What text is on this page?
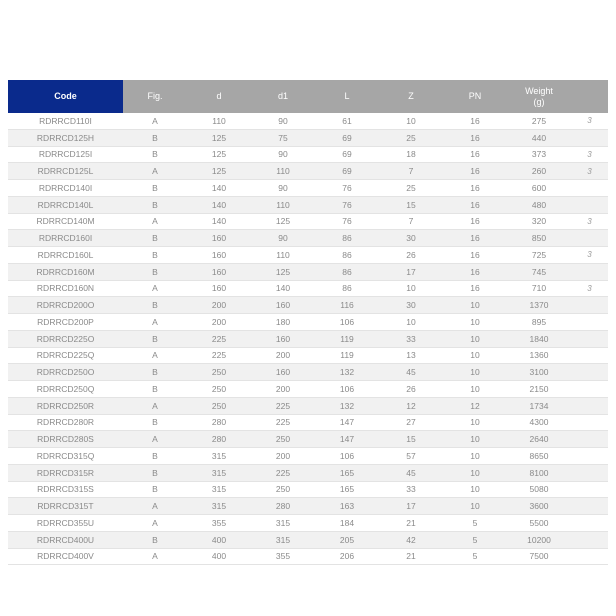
Code	Fig.	d	d1	L	Z	PN	Weight
(g)	
RDRRCD110I	A	110	90	61	10	16	275	3
RDRRCD125H	B	125	75	69	25	16	440	
RDRRCD125I	B	125	90	69	18	16	373	3
RDRRCD125L	A	125	110	69	7	16	260	3
RDRRCD140I	B	140	90	76	25	16	600	
RDRRCD140L	B	140	110	76	15	16	480	
RDRRCD140M	A	140	125	76	7	16	320	3
RDRRCD160I	B	160	90	86	30	16	850	
RDRRCD160L	B	160	110	86	26	16	725	3
RDRRCD160M	B	160	125	86	17	16	745	
RDRRCD160N	A	160	140	86	10	16	710	3
RDRRCD200O	B	200	160	116	30	10	1370	
RDRRCD200P	A	200	180	106	10	10	895	
RDRRCD225O	B	225	160	119	33	10	1840	
RDRRCD225Q	A	225	200	119	13	10	1360	
RDRRCD250O	B	250	160	132	45	10	3100	
RDRRCD250Q	B	250	200	106	26	10	2150	
RDRRCD250R	A	250	225	132	12	12	1734	
RDRRCD280R	B	280	225	147	27	10	4300	
RDRRCD280S	A	280	250	147	15	10	2640	
RDRRCD315Q	B	315	200	106	57	10	8650	
RDRRCD315R	B	315	225	165	45	10	8100	
RDRRCD315S	B	315	250	165	33	10	5080	
RDRRCD315T	A	315	280	163	17	10	3600	
RDRRCD355U	A	355	315	184	21	5	5500	
RDRRCD400U	B	400	315	205	42	5	10200	
RDRRCD400V	A	400	355	206	21	5	7500	
